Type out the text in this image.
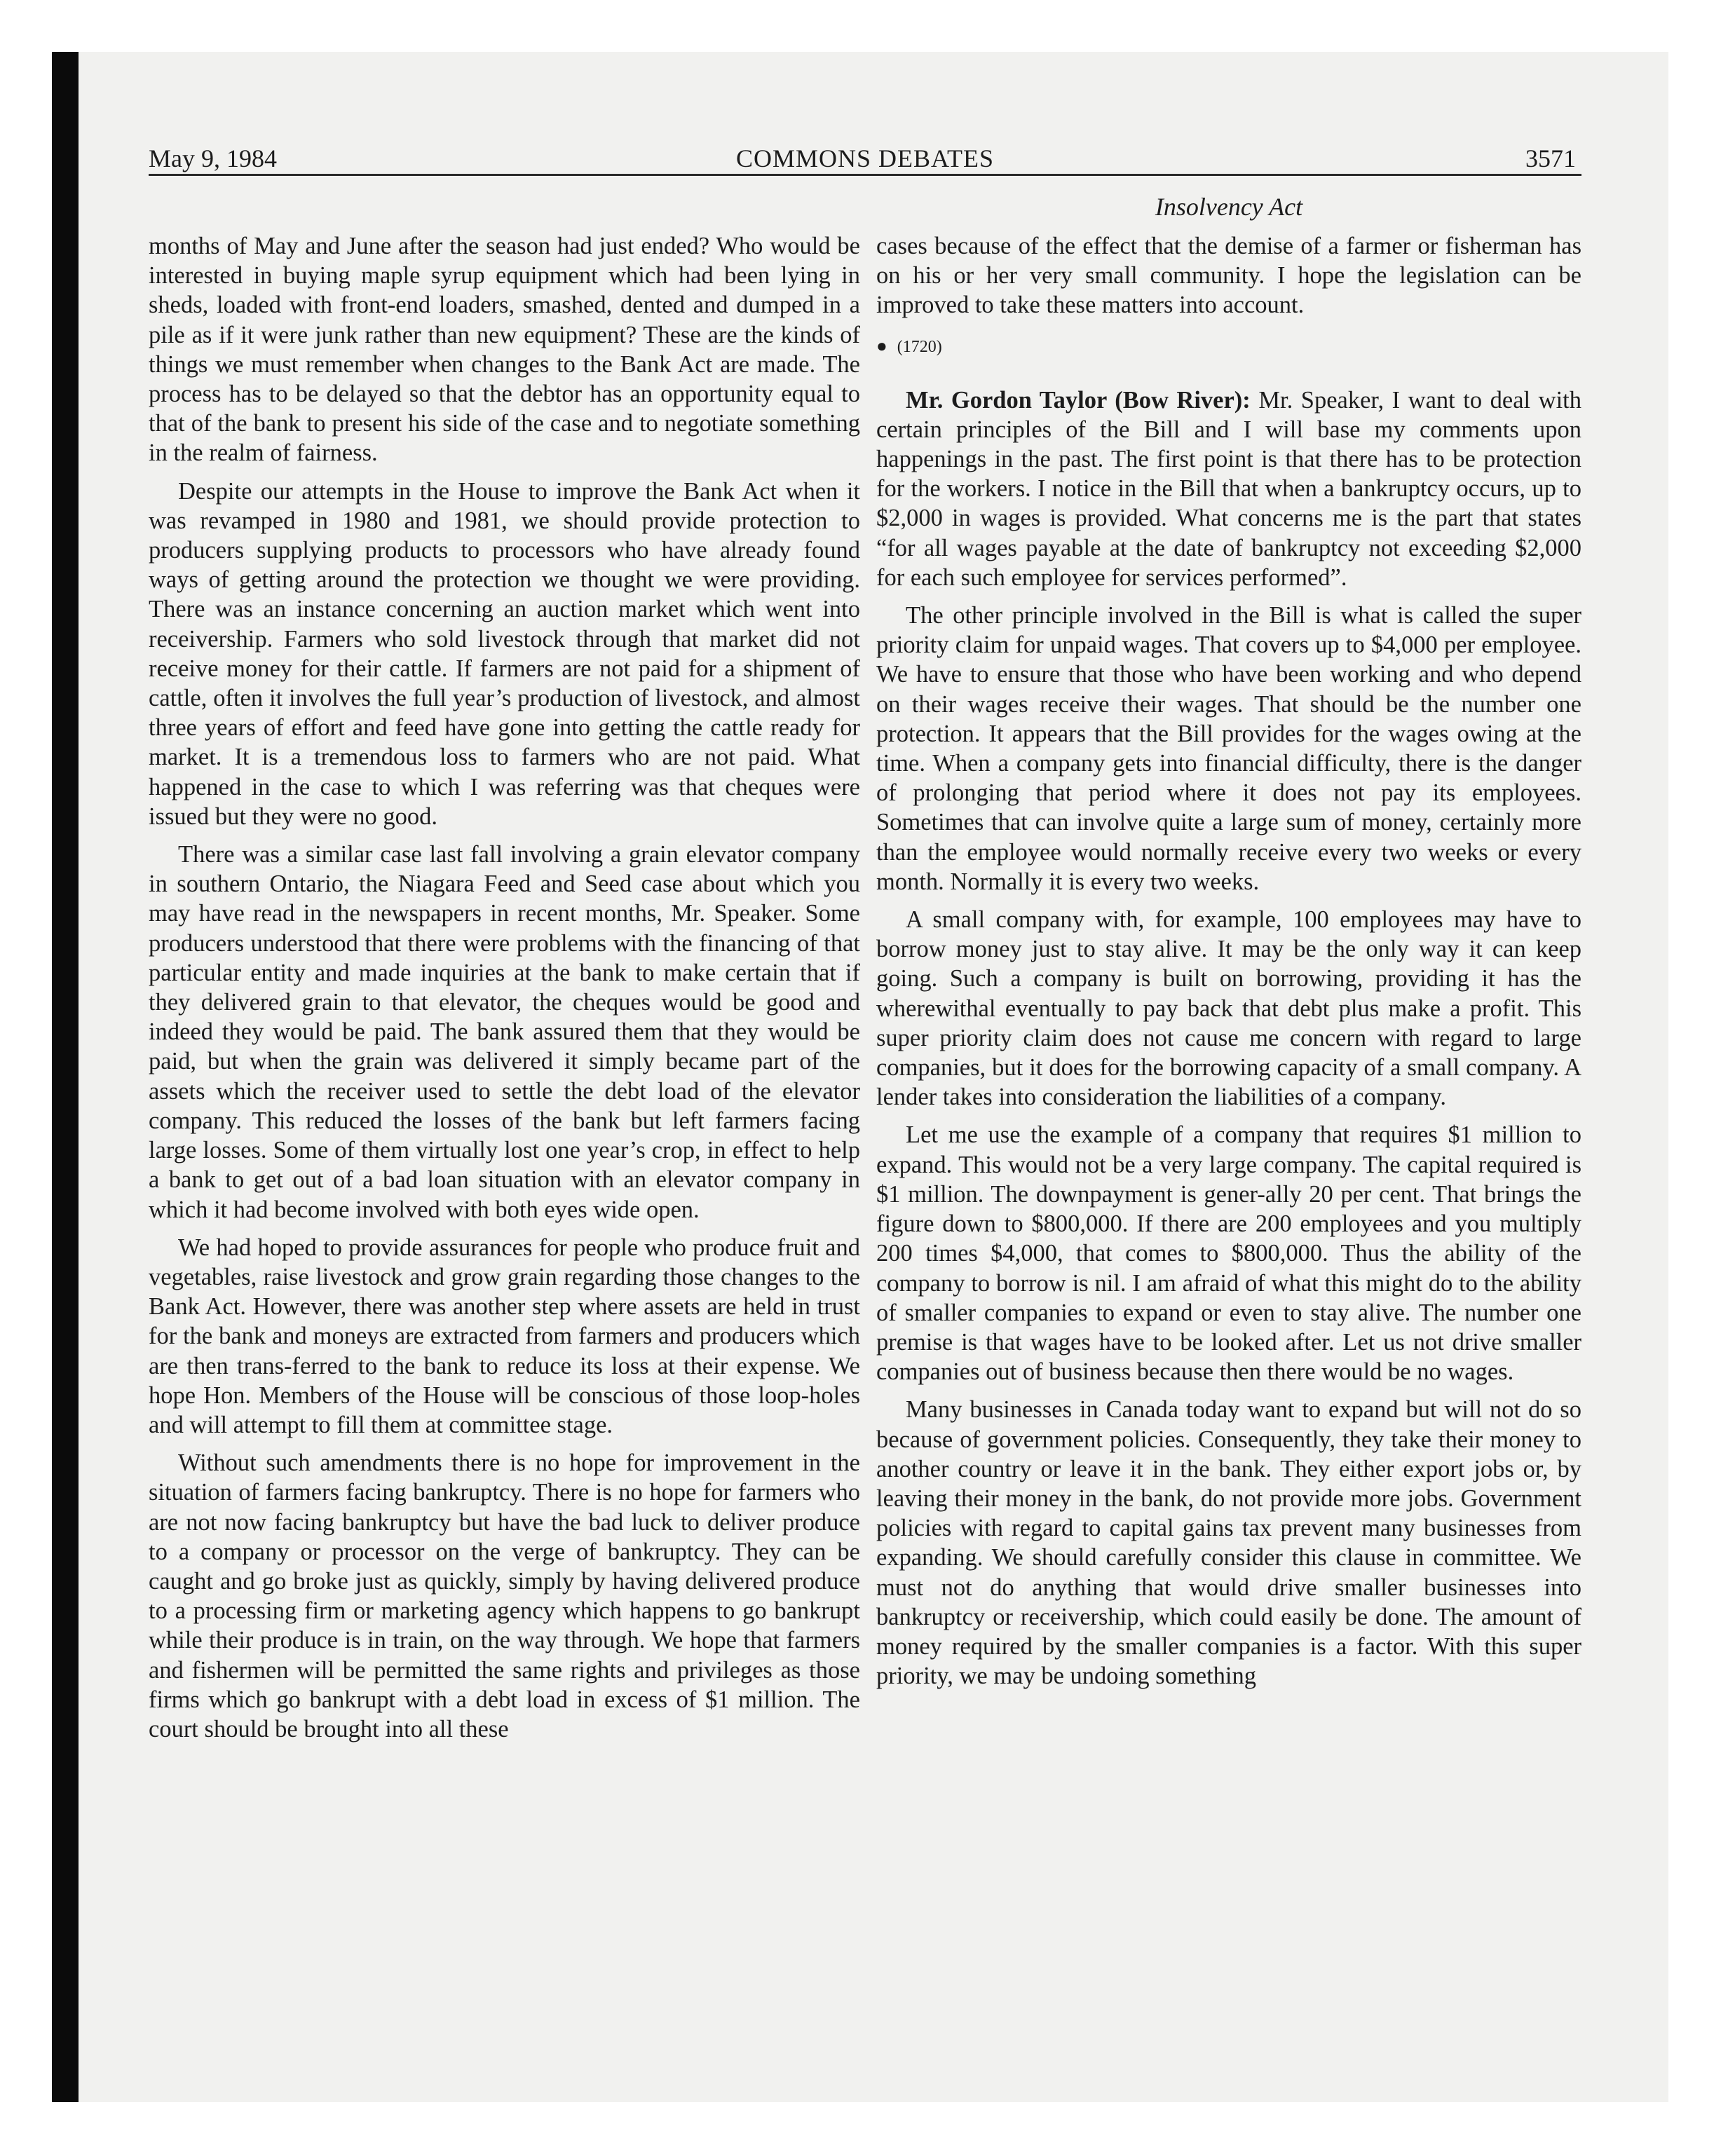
May 9, 1984	COMMONS DEBATES	3571
Insolvency Act

months of May and June after the season had just ended? Who would be interested in buying maple syrup equipment which had been lying in sheds, loaded with front-end loaders, smashed, dented and dumped in a pile as if it were junk rather than new equipment? These are the kinds of things we must remember when changes to the Bank Act are made. The process has to be delayed so that the debtor has an opportunity equal to that of the bank to present his side of the case and to negotiate something in the realm of fairness.

Despite our attempts in the House to improve the Bank Act when it was revamped in 1980 and 1981, we should provide protection to producers supplying products to processors who have already found ways of getting around the protection we thought we were providing. There was an instance concerning an auction market which went into receivership. Farmers who sold livestock through that market did not receive money for their cattle. If farmers are not paid for a shipment of cattle, often it involves the full year’s production of livestock, and almost three years of effort and feed have gone into getting the cattle ready for market. It is a tremendous loss to farmers who are not paid. What happened in the case to which I was referring was that cheques were issued but they were no good.

There was a similar case last fall involving a grain elevator company in southern Ontario, the Niagara Feed and Seed case about which you may have read in the newspapers in recent months, Mr. Speaker. Some producers understood that there were problems with the financing of that particular entity and made inquiries at the bank to make certain that if they delivered grain to that elevator, the cheques would be good and indeed they would be paid. The bank assured them that they would be paid, but when the grain was delivered it simply became part of the assets which the receiver used to settle the debt load of the elevator company. This reduced the losses of the bank but left farmers facing large losses. Some of them virtually lost one year’s crop, in effect to help a bank to get out of a bad loan situation with an elevator company in which it had become involved with both eyes wide open.

We had hoped to provide assurances for people who produce fruit and vegetables, raise livestock and grow grain regarding those changes to the Bank Act. However, there was another step where assets are held in trust for the bank and moneys are extracted from farmers and producers which are then trans-ferred to the bank to reduce its loss at their expense. We hope Hon. Members of the House will be conscious of those loop-holes and will attempt to fill them at committee stage.

Without such amendments there is no hope for improvement in the situation of farmers facing bankruptcy. There is no hope for farmers who are not now facing bankruptcy but have the bad luck to deliver produce to a company or processor on the verge of bankruptcy. They can be caught and go broke just as quickly, simply by having delivered produce to a processing firm or marketing agency which happens to go bankrupt while their produce is in train, on the way through. We hope that farmers and fishermen will be permitted the same rights and privileges as those firms which go bankrupt with a debt load in excess of $1 million. The court should be brought into all these

cases because of the effect that the demise of a farmer or fisherman has on his or her very small community. I hope the legislation can be improved to take these matters into account.

● (1720)

Mr. Gordon Taylor (Bow River): Mr. Speaker, I want to deal with certain principles of the Bill and I will base my comments upon happenings in the past. The first point is that there has to be protection for the workers. I notice in the Bill that when a bankruptcy occurs, up to $2,000 in wages is provided. What concerns me is the part that states “for all wages payable at the date of bankruptcy not exceeding $2,000 for each such employee for services performed”.

The other principle involved in the Bill is what is called the super priority claim for unpaid wages. That covers up to $4,000 per employee. We have to ensure that those who have been working and who depend on their wages receive their wages. That should be the number one protection. It appears that the Bill provides for the wages owing at the time. When a company gets into financial difficulty, there is the danger of prolonging that period where it does not pay its employees. Sometimes that can involve quite a large sum of money, certainly more than the employee would normally receive every two weeks or every month. Normally it is every two weeks.

A small company with, for example, 100 employees may have to borrow money just to stay alive. It may be the only way it can keep going. Such a company is built on borrowing, providing it has the wherewithal eventually to pay back that debt plus make a profit. This super priority claim does not cause me concern with regard to large companies, but it does for the borrowing capacity of a small company. A lender takes into consideration the liabilities of a company.

Let me use the example of a company that requires $1 million to expand. This would not be a very large company. The capital required is $1 million. The downpayment is gener-ally 20 per cent. That brings the figure down to $800,000. If there are 200 employees and you multiply 200 times $4,000, that comes to $800,000. Thus the ability of the company to borrow is nil. I am afraid of what this might do to the ability of smaller companies to expand or even to stay alive. The number one premise is that wages have to be looked after. Let us not drive smaller companies out of business because then there would be no wages.

Many businesses in Canada today want to expand but will not do so because of government policies. Consequently, they take their money to another country or leave it in the bank. They either export jobs or, by leaving their money in the bank, do not provide more jobs. Government policies with regard to capital gains tax prevent many businesses from expanding. We should carefully consider this clause in committee. We must not do anything that would drive smaller businesses into bankruptcy or receivership, which could easily be done. The amount of money required by the smaller companies is a factor. With this super priority, we may be undoing something
